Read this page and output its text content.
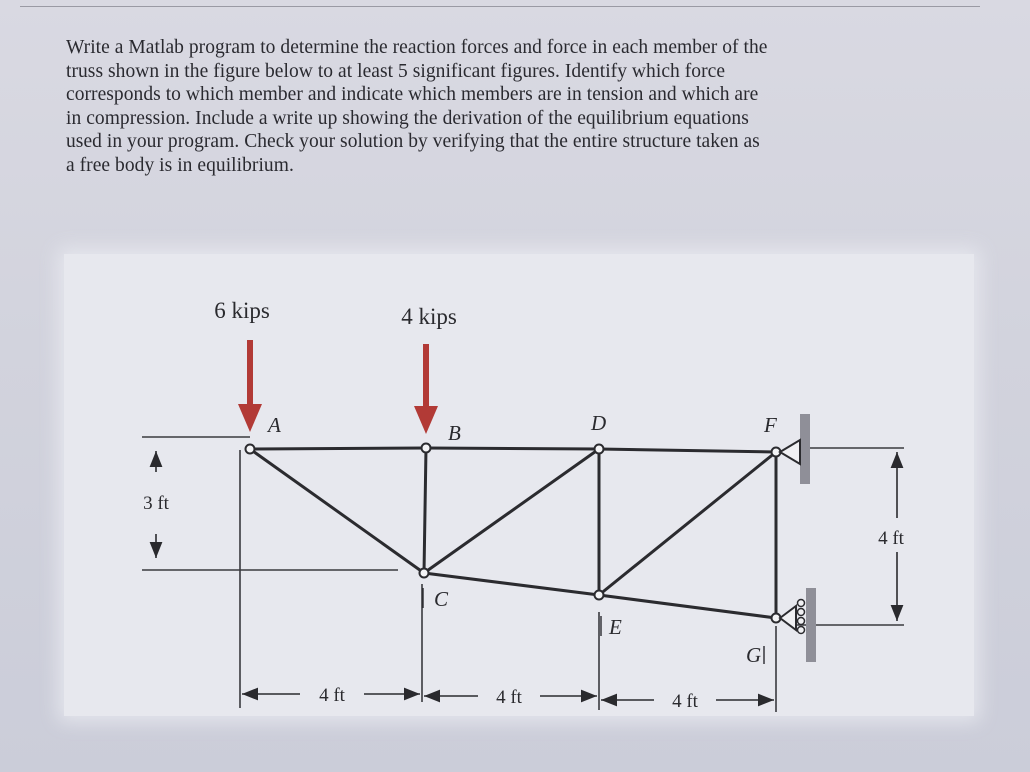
Write a Matlab program to determine the reaction forces and force in each member of the
truss shown in the figure below to at least 5 significant figures. Identify which force
corresponds to which member and indicate which members are in tension and which are
in compression. Include a write up showing the derivation of the equilibrium equations
used in your program. Check your solution by verifying that the entire structure taken as
a free body is in equilibrium.
3 ft
4 ft
4 ft	4 ft	4 ft
6 kips	4 kips
A	B
C
D
E
F
G
